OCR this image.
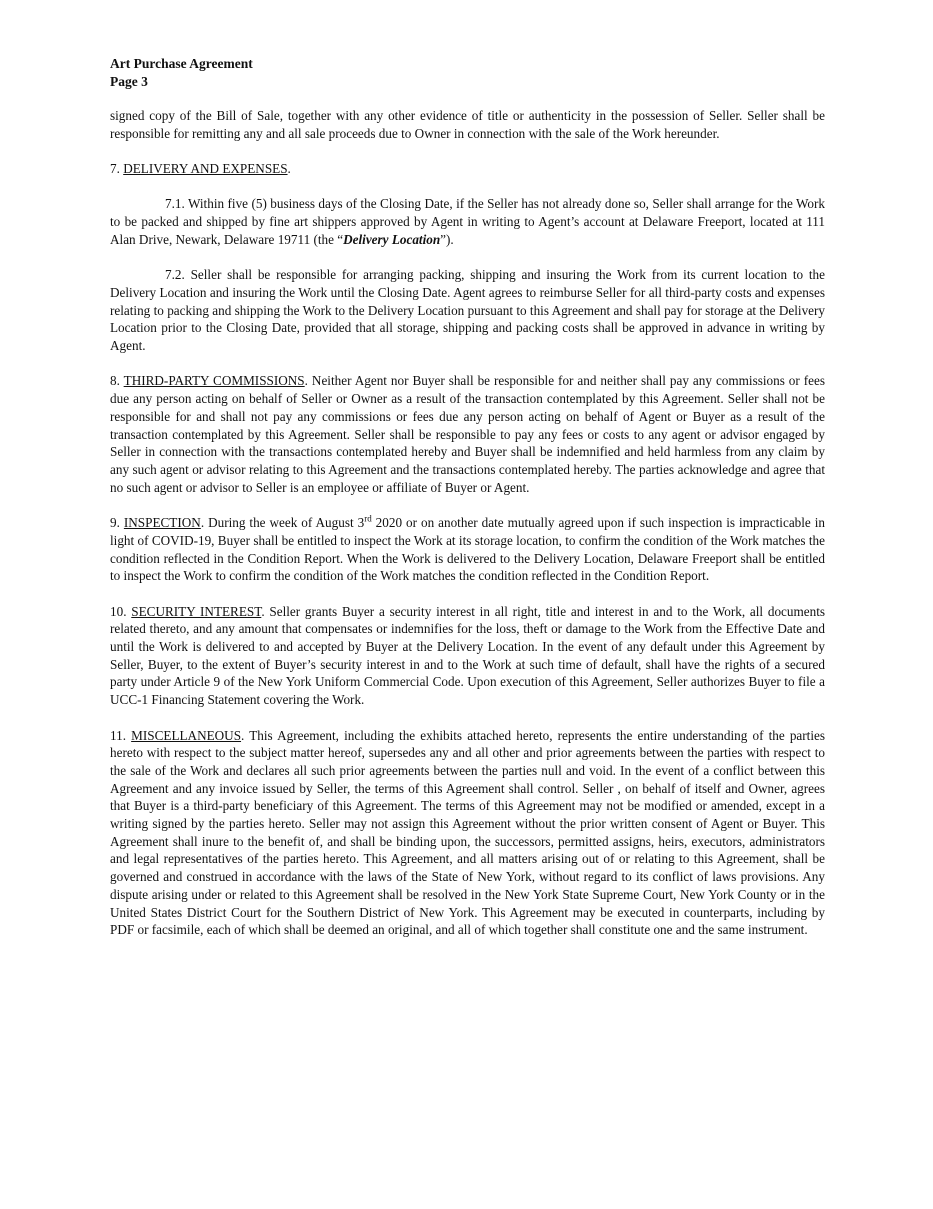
Art Purchase Agreement
Page 3

signed copy of the Bill of Sale, together with any other evidence of title or authenticity in the possession of Seller. Seller shall be responsible for remitting any and all sale proceeds due to Owner in connection with the sale of the Work hereunder.

7. DELIVERY AND EXPENSES.

7.1. Within five (5) business days of the Closing Date, if the Seller has not already done so, Seller shall arrange for the Work to be packed and shipped by fine art shippers approved by Agent in writing to Agent’s account at Delaware Freeport, located at 111 Alan Drive, Newark, Delaware 19711 (the “Delivery Location”).

7.2. Seller shall be responsible for arranging packing, shipping and insuring the Work from its current location to the Delivery Location and insuring the Work until the Closing Date. Agent agrees to reimburse Seller for all third-party costs and expenses relating to packing and shipping the Work to the Delivery Location pursuant to this Agreement and shall pay for storage at the Delivery Location prior to the Closing Date, provided that all storage, shipping and packing costs shall be approved in advance in writing by Agent.

8. THIRD-PARTY COMMISSIONS. Neither Agent nor Buyer shall be responsible for and neither shall pay any commissions or fees due any person acting on behalf of Seller or Owner as a result of the transaction contemplated by this Agreement. Seller shall not be responsible for and shall not pay any commissions or fees due any person acting on behalf of Agent or Buyer as a result of the transaction contemplated by this Agreement. Seller shall be responsible to pay any fees or costs to any agent or advisor engaged by Seller in connection with the transactions contemplated hereby and Buyer shall be indemnified and held harmless from any claim by any such agent or advisor relating to this Agreement and the transactions contemplated hereby. The parties acknowledge and agree that no such agent or advisor to Seller is an employee or affiliate of Buyer or Agent.

9. INSPECTION. During the week of August 3rd 2020 or on another date mutually agreed upon if such inspection is impracticable in light of COVID-19, Buyer shall be entitled to inspect the Work at its storage location, to confirm the condition of the Work matches the condition reflected in the Condition Report. When the Work is delivered to the Delivery Location, Delaware Freeport shall be entitled to inspect the Work to confirm the condition of the Work matches the condition reflected in the Condition Report.

10. SECURITY INTEREST. Seller grants Buyer a security interest in all right, title and interest in and to the Work, all documents related thereto, and any amount that compensates or indemnifies for the loss, theft or damage to the Work from the Effective Date and until the Work is delivered to and accepted by Buyer at the Delivery Location. In the event of any default under this Agreement by Seller, Buyer, to the extent of Buyer’s security interest in and to the Work at such time of default, shall have the rights of a secured party under Article 9 of the New York Uniform Commercial Code. Upon execution of this Agreement, Seller authorizes Buyer to file a UCC-1 Financing Statement covering the Work.

11. MISCELLANEOUS. This Agreement, including the exhibits attached hereto, represents the entire understanding of the parties hereto with respect to the subject matter hereof, supersedes any and all other and prior agreements between the parties with respect to the sale of the Work and declares all such prior agreements between the parties null and void. In the event of a conflict between this Agreement and any invoice issued by Seller, the terms of this Agreement shall control. Seller , on behalf of itself and Owner, agrees that Buyer is a third-party beneficiary of this Agreement. The terms of this Agreement may not be modified or amended, except in a writing signed by the parties hereto. Seller may not assign this Agreement without the prior written consent of Agent or Buyer. This Agreement shall inure to the benefit of, and shall be binding upon, the successors, permitted assigns, heirs, executors, administrators and legal representatives of the parties hereto. This Agreement, and all matters arising out of or relating to this Agreement, shall be governed and construed in accordance with the laws of the State of New York, without regard to its conflict of laws provisions. Any dispute arising under or related to this Agreement shall be resolved in the New York State Supreme Court, New York County or in the United States District Court for the Southern District of New York. This Agreement may be executed in counterparts, including by PDF or facsimile, each of which shall be deemed an original, and all of which together shall constitute one and the same instrument.
